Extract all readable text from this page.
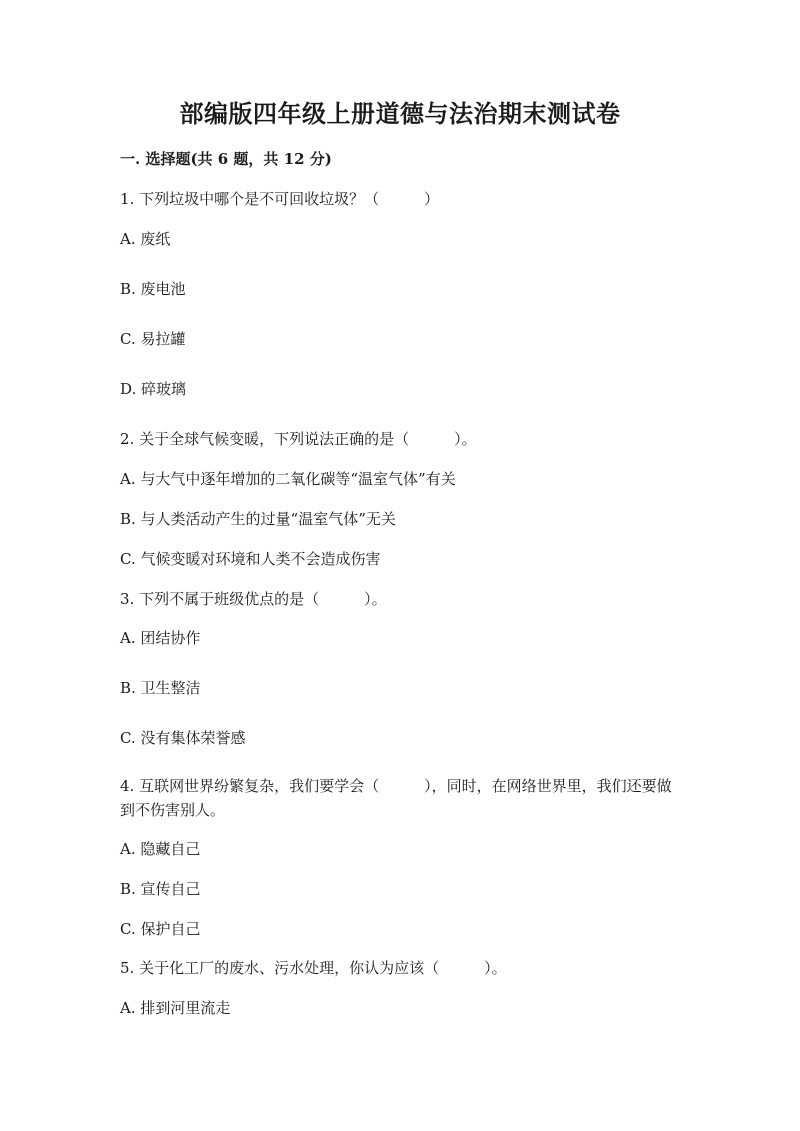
部编版四年级上册道德与法治期末测试卷
一. 选择题(共 6 题，共 12 分)
1. 下列垃圾中哪个是不可回收垃圾？（　　　）
A. 废纸
B. 废电池
C. 易拉罐
D. 碎玻璃
2. 关于全球气候变暖，下列说法正确的是（　　　）。
A. 与大气中逐年增加的二氧化碳等“温室气体”有关
B. 与人类活动产生的过量“温室气体”无关
C. 气候变暖对环境和人类不会造成伤害
3. 下列不属于班级优点的是（　　　）。
A. 团结协作
B. 卫生整洁
C. 没有集体荣誉感
4. 互联网世界纷繁复杂，我们要学会（　　　），同时，在网络世界里，我们还要做到不伤害别人。
A. 隐藏自己
B. 宣传自己
C. 保护自己
5. 关于化工厂的废水、污水处理，你认为应该（　　　）。
A. 排到河里流走
